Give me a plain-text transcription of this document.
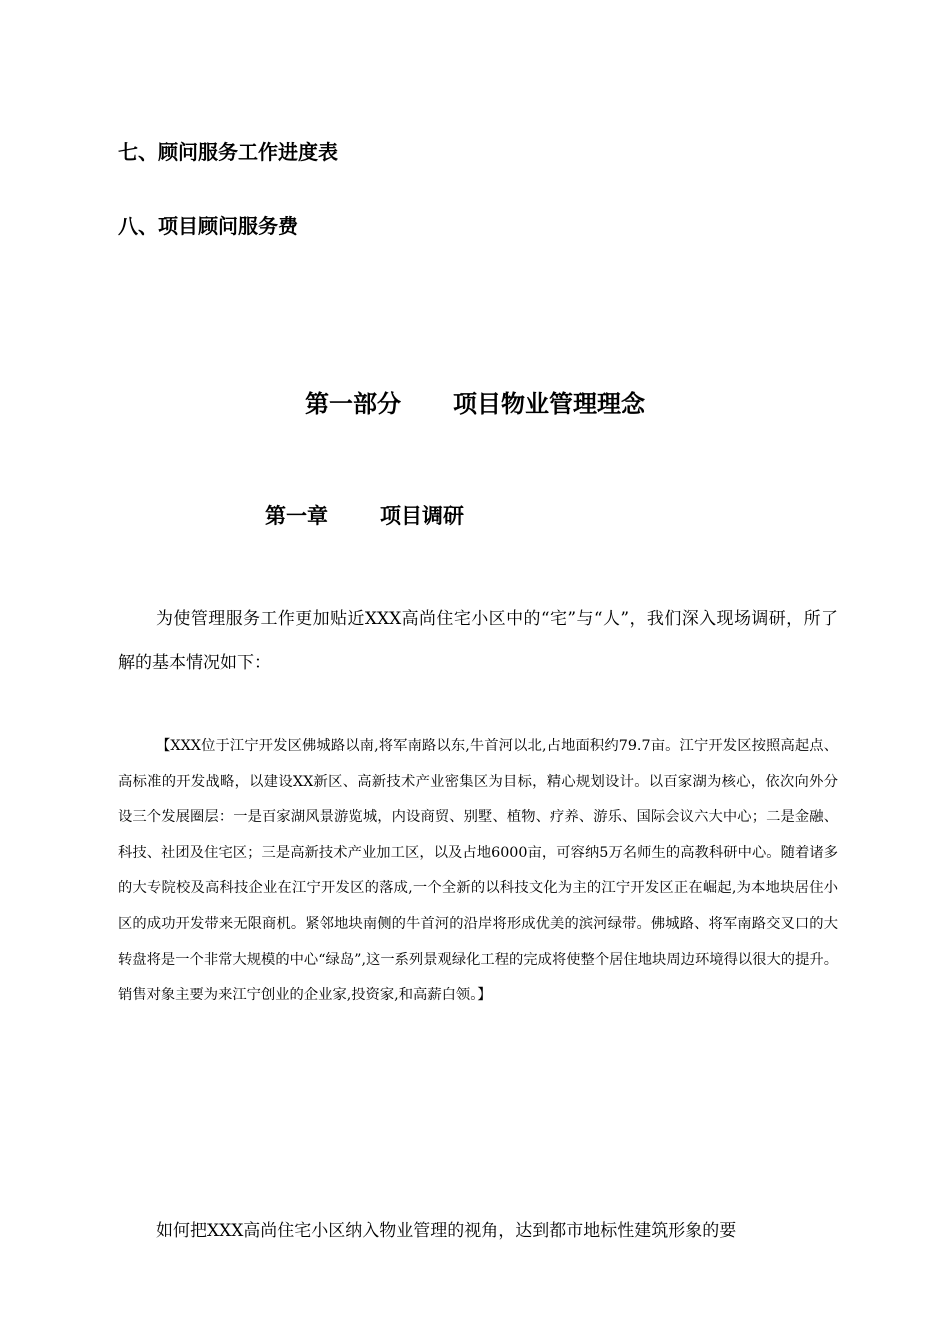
七、顾问服务工作进度表
八、项目顾问服务费
第一部分 项目物业管理理念
第一章 项目调研

为使管理服务工作更加贴近XXX高尚住宅小区中的“宅”与“人”，我们深入现场调研，所了解的基本情况如下：

【XXX位于江宁开发区佛城路以南,将军南路以东,牛首河以北,占地面积约79.7亩。江宁开发区按照高起点、高标准的开发战略，以建设XX新区、高新技术产业密集区为目标，精心规划设计。以百家湖为核心，依次向外分设三个发展圈层：一是百家湖风景游览城，内设商贸、别墅、植物、疗养、游乐、国际会议六大中心；二是金融、科技、社团及住宅区；三是高新技术产业加工区，以及占地6000亩，可容纳5万名师生的高教科研中心。随着诸多的大专院校及高科技企业在江宁开发区的落成,一个全新的以科技文化为主的江宁开发区正在崛起,为本地块居住小区的成功开发带来无限商机。紧邻地块南侧的牛首河的沿岸将形成优美的滨河绿带。佛城路、将军南路交叉口的大转盘将是一个非常大规模的中心“绿岛”,这一系列景观绿化工程的完成将使整个居住地块周边环境得以很大的提升。销售对象主要为来江宁创业的企业家,投资家,和高薪白领。】

如何把XXX高尚住宅小区纳入物业管理的视角，达到都市地标性建筑形象的要
